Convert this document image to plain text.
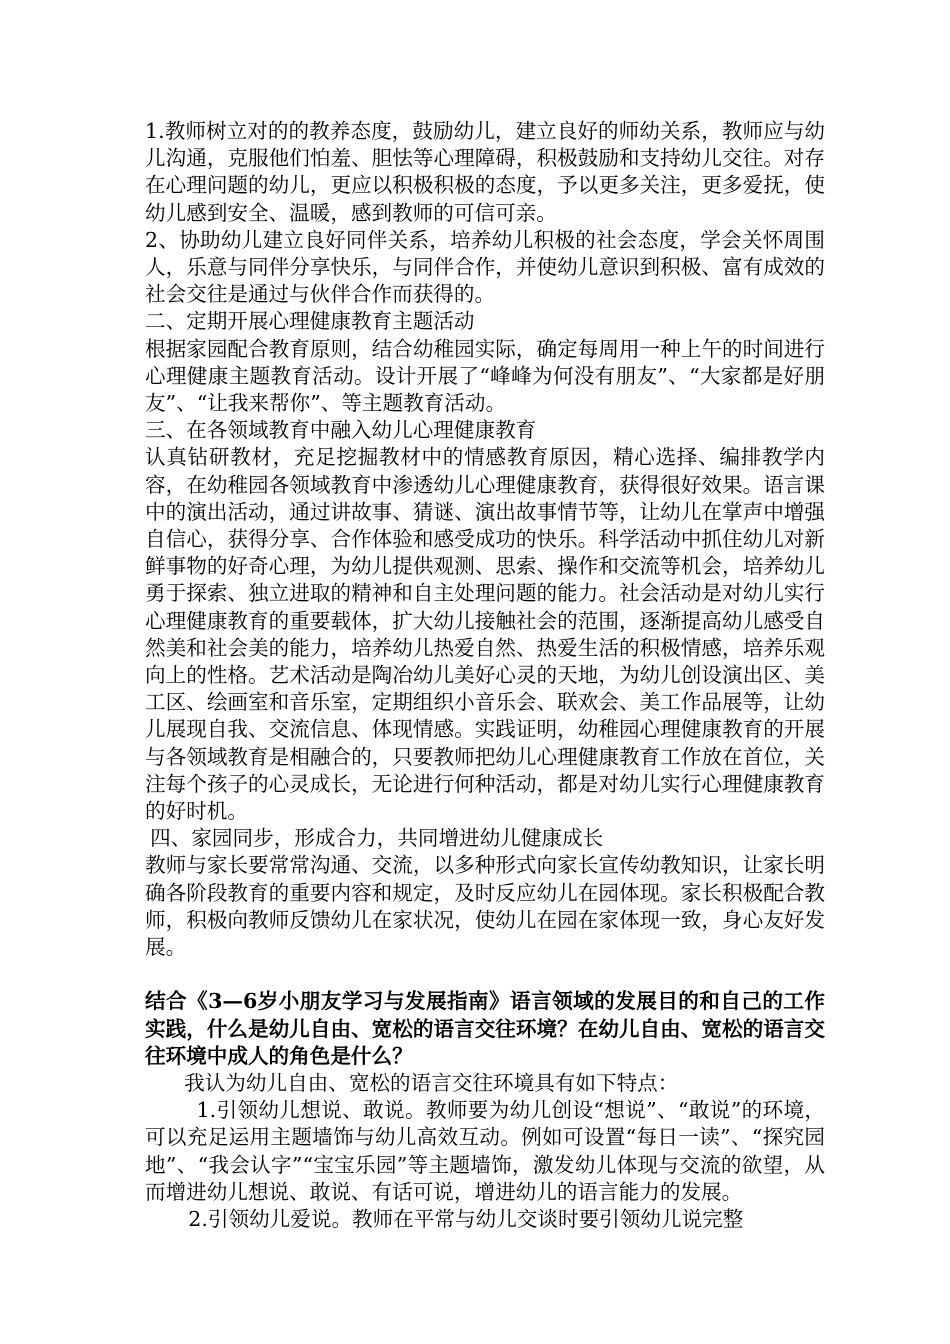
1.教师树立对的的教养态度，鼓励幼儿，建立良好的师幼关系，教师应与幼儿沟通，克服他们怕羞、胆怯等心理障碍，积极鼓励和支持幼儿交往。对存在心理问题的幼儿，更应以积极积极的态度，予以更多关注，更多爱抚，使幼儿感到安全、温暖，感到教师的可信可亲。

2、协助幼儿建立良好同伴关系，培养幼儿积极的社会态度，学会关怀周围人，乐意与同伴分享快乐，与同伴合作，并使幼儿意识到积极、富有成效的社会交往是通过与伙伴合作而获得的。

二、定期开展心理健康教育主题活动

根据家园配合教育原则，结合幼稚园实际，确定每周用一种上午的时间进行心理健康主题教育活动。设计开展了“峰峰为何没有朋友”、“大家都是好朋友”、“让我来帮你”、等主题教育活动。

三、在各领域教育中融入幼儿心理健康教育

认真钻研教材，充足挖掘教材中的情感教育原因，精心选择、编排教学内容，在幼稚园各领域教育中渗透幼儿心理健康教育，获得很好效果。语言课中的演出活动，通过讲故事、猜谜、演出故事情节等，让幼儿在掌声中增强自信心，获得分享、合作体验和感受成功的快乐。科学活动中抓住幼儿对新鲜事物的好奇心理，为幼儿提供观测、思索、操作和交流等机会，培养幼儿勇于探索、独立进取的精神和自主处理问题的能力。社会活动是对幼儿实行心理健康教育的重要载体，扩大幼儿接触社会的范围，逐渐提高幼儿感受自然美和社会美的能力，培养幼儿热爱自然、热爱生活的积极情感，培养乐观向上的性格。艺术活动是陶冶幼儿美好心灵的天地，为幼儿创设演出区、美工区、绘画室和音乐室，定期组织小音乐会、联欢会、美工作品展等，让幼儿展现自我、交流信息、体现情感。实践证明，幼稚园心理健康教育的开展与各领域教育是相融合的，只要教师把幼儿心理健康教育工作放在首位，关注每个孩子的心灵成长，无论进行何种活动，都是对幼儿实行心理健康教育的好时机。

四、家园同步，形成合力，共同增进幼儿健康成长

教师与家长要常常沟通、交流，以多种形式向家长宣传幼教知识，让家长明确各阶段教育的重要内容和规定，及时反应幼儿在园体现。家长积极配合教师，积极向教师反馈幼儿在家状况，使幼儿在园在家体现一致，身心友好发展。

结合《3—6岁小朋友学习与发展指南》语言领域的发展目的和自己的工作实践，什么是幼儿自由、宽松的语言交往环境？在幼儿自由、宽松的语言交往环境中成人的角色是什么？

我认为幼儿自由、宽松的语言交往环境具有如下特点：

1.引领幼儿想说、敢说。教师要为幼儿创设“想说”、“敢说”的环境，可以充足运用主题墙饰与幼儿高效互动。例如可设置“每日一读”、“探究园地”、“我会认字”“宝宝乐园”等主题墙饰，激发幼儿体现与交流的欲望，从而增进幼儿想说、敢说、有话可说，增进幼儿的语言能力的发展。

2.引领幼儿爱说。教师在平常与幼儿交谈时要引领幼儿说完整
